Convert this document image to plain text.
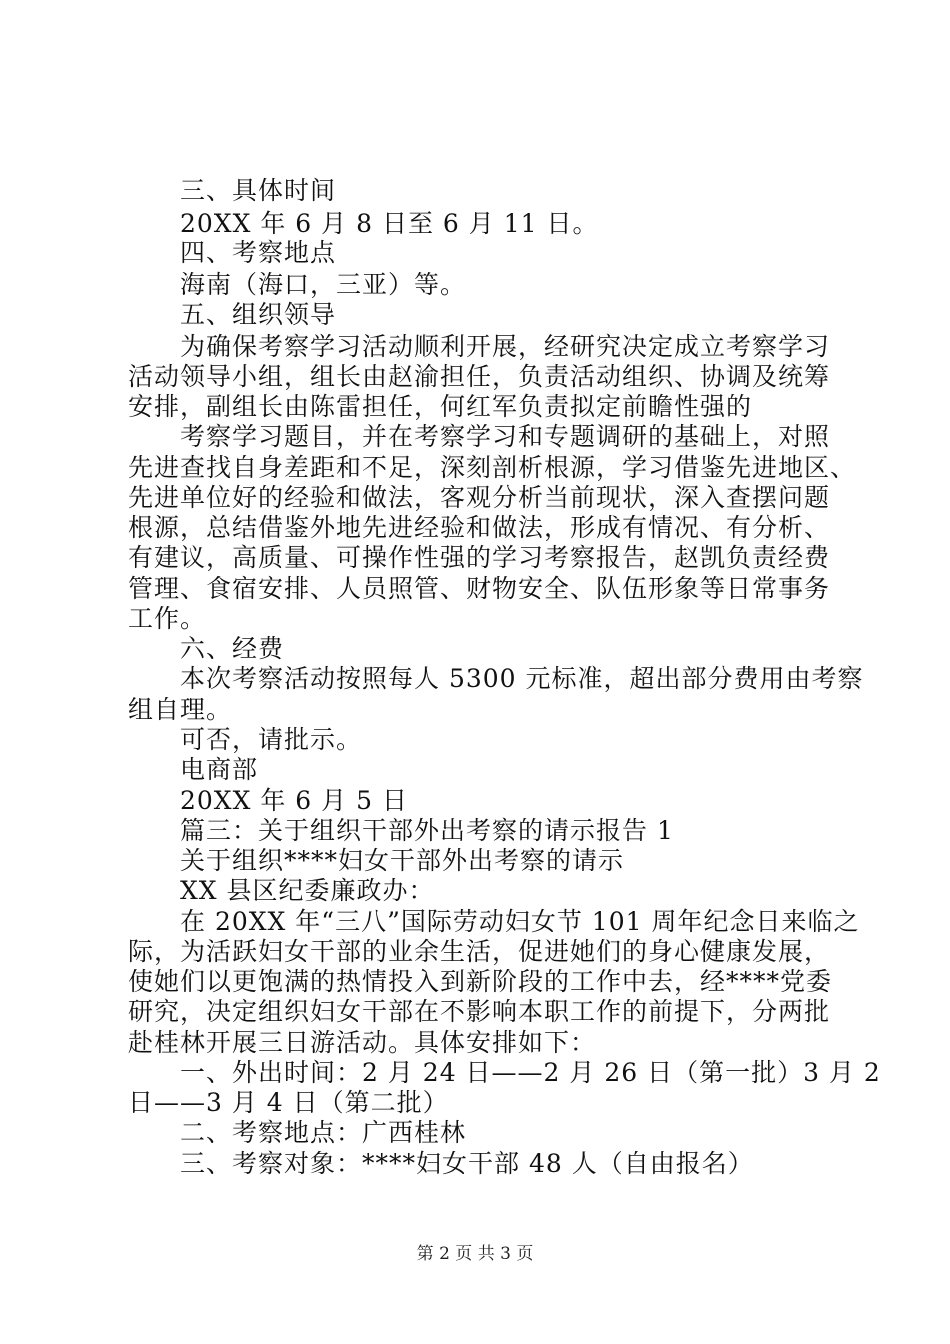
三、具体时间
20XX 年 6 月 8 日至 6 月 11 日。
四、考察地点
海南（海口，三亚）等。
五、组织领导
为确保考察学习活动顺利开展，经研究决定成立考察学习
活动领导小组，组长由赵渝担任，负责活动组织、协调及统筹
安排，副组长由陈雷担任，何红军负责拟定前瞻性强的
考察学习题目，并在考察学习和专题调研的基础上，对照
先进查找自身差距和不足，深刻剖析根源，学习借鉴先进地区、
先进单位好的经验和做法，客观分析当前现状，深入查摆问题
根源，总结借鉴外地先进经验和做法，形成有情况、有分析、
有建议，高质量、可操作性强的学习考察报告，赵凯负责经费
管理、食宿安排、人员照管、财物安全、队伍形象等日常事务
工作。
六、经费
本次考察活动按照每人 5300 元标准，超出部分费用由考察
组自理。
可否，请批示。
电商部
20XX 年 6 月 5 日
篇三：关于组织干部外出考察的请示报告 1
关于组织****妇女干部外出考察的请示
XX 县区纪委廉政办：
在 20XX 年“三八”国际劳动妇女节 101 周年纪念日来临之
际，为活跃妇女干部的业余生活，促进她们的身心健康发展，
使她们以更饱满的热情投入到新阶段的工作中去，经****党委
研究，决定组织妇女干部在不影响本职工作的前提下，分两批
赴桂林开展三日游活动。具体安排如下：
一、外出时间：2 月 24 日——2 月 26 日（第一批）3 月 2
日——3 月 4 日（第二批）
二、考察地点：广西桂林
三、考察对象：****妇女干部 48 人（自由报名）
第 2 页 共 3 页
